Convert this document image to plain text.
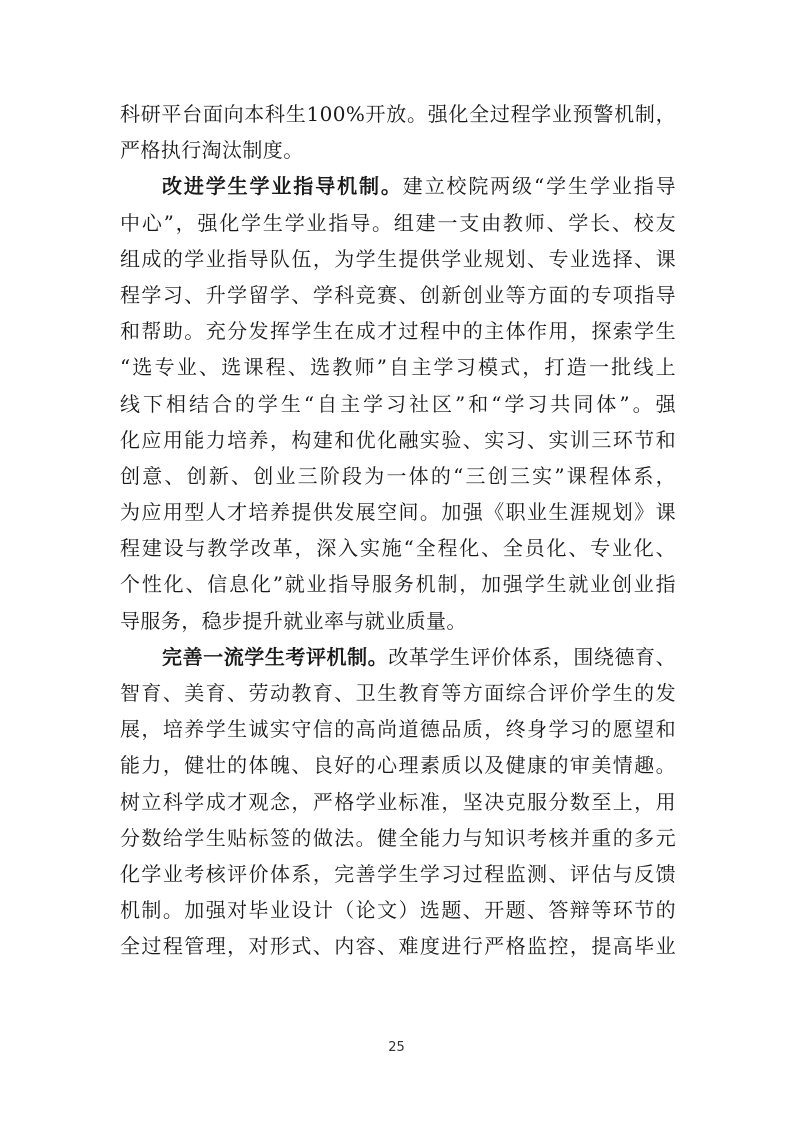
科研平台面向本科生100%开放。强化全过程学业预警机制，
严格执行淘汰制度。
改进学生学业指导机制。建立校院两级“学生学业指导
中心”，强化学生学业指导。组建一支由教师、学长、校友
组成的学业指导队伍，为学生提供学业规划、专业选择、课
程学习、升学留学、学科竞赛、创新创业等方面的专项指导
和帮助。充分发挥学生在成才过程中的主体作用，探索学生
“选专业、选课程、选教师”自主学习模式，打造一批线上
线下相结合的学生“自主学习社区”和“学习共同体”。强
化应用能力培养，构建和优化融实验、实习、实训三环节和
创意、创新、创业三阶段为一体的“三创三实”课程体系，
为应用型人才培养提供发展空间。加强《职业生涯规划》课
程建设与教学改革，深入实施“全程化、全员化、专业化、
个性化、信息化”就业指导服务机制，加强学生就业创业指
导服务，稳步提升就业率与就业质量。
完善一流学生考评机制。改革学生评价体系，围绕德育、
智育、美育、劳动教育、卫生教育等方面综合评价学生的发
展，培养学生诚实守信的高尚道德品质，终身学习的愿望和
能力，健壮的体魄、良好的心理素质以及健康的审美情趣。
树立科学成才观念，严格学业标准，坚决克服分数至上，用
分数给学生贴标签的做法。健全能力与知识考核并重的多元
化学业考核评价体系，完善学生学习过程监测、评估与反馈
机制。加强对毕业设计（论文）选题、开题、答辩等环节的
全过程管理，对形式、内容、难度进行严格监控，提高毕业
25
